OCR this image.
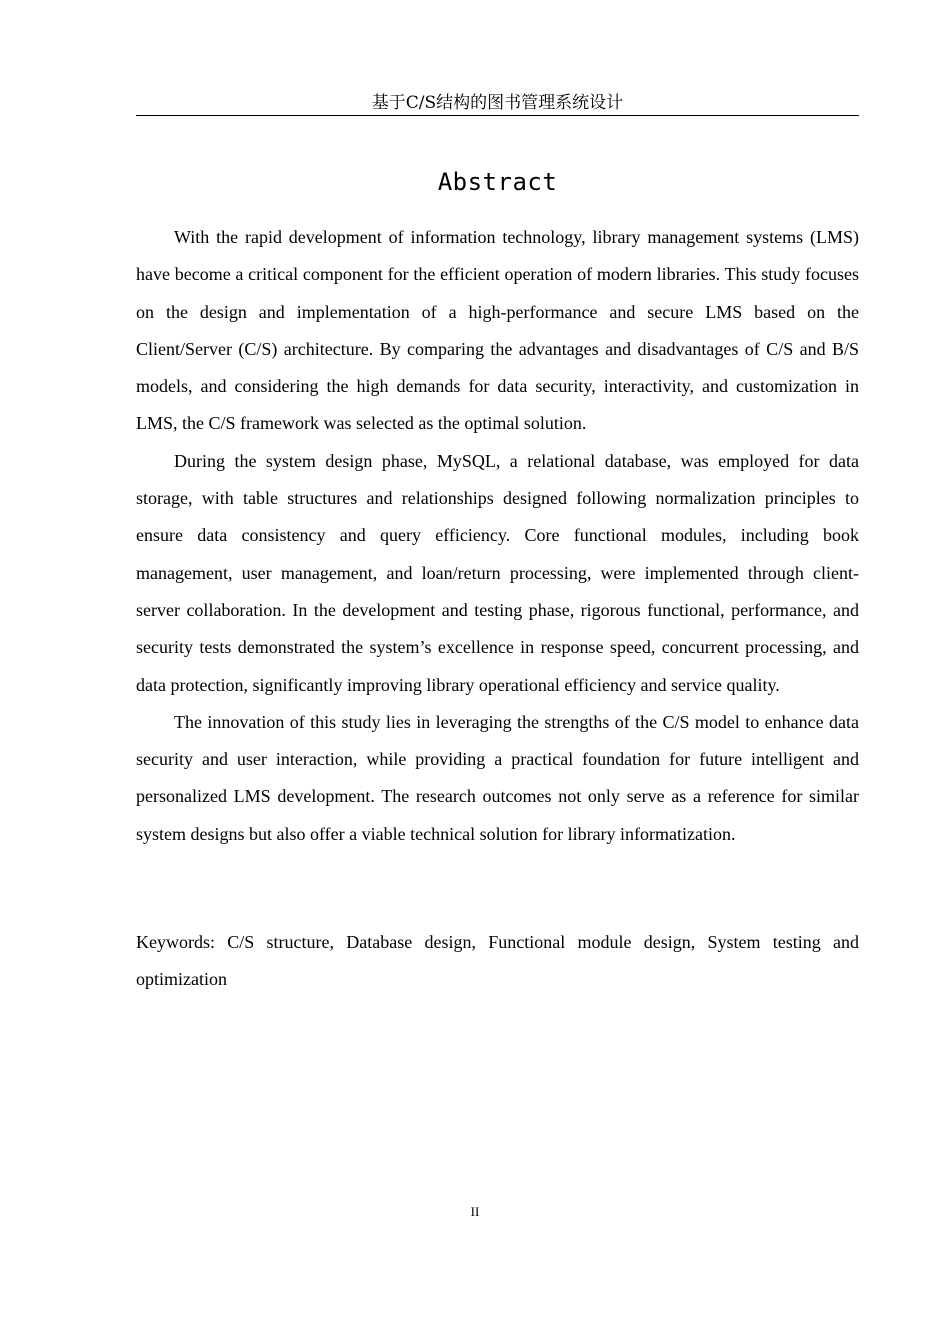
基于C/S结构的图书管理系统设计
Abstract

With the rapid development of information technology, library management systems (LMS) have become a critical component for the efficient operation of modern libraries. This study focuses on the design and implementation of a high-performance and secure LMS based on the Client/Server (C/S) architecture. By comparing the advantages and disadvantages of C/S and B/S models, and considering the high demands for data security, interactivity, and customization in LMS, the C/S framework was selected as the optimal solution.

During the system design phase, MySQL, a relational database, was employed for data storage, with table structures and relationships designed following normalization principles to ensure data consistency and query efficiency. Core functional modules, including book management, user management, and loan/return processing, were implemented through client-server collaboration. In the development and testing phase, rigorous functional, performance, and security tests demonstrated the system’s excellence in response speed, concurrent processing, and data protection, significantly improving library operational efficiency and service quality.

The innovation of this study lies in leveraging the strengths of the C/S model to enhance data security and user interaction, while providing a practical foundation for future intelligent and personalized LMS development. The research outcomes not only serve as a reference for similar system designs but also offer a viable technical solution for library informatization.

Keywords: C/S structure, Database design, Functional module design, System testing and optimization
II
